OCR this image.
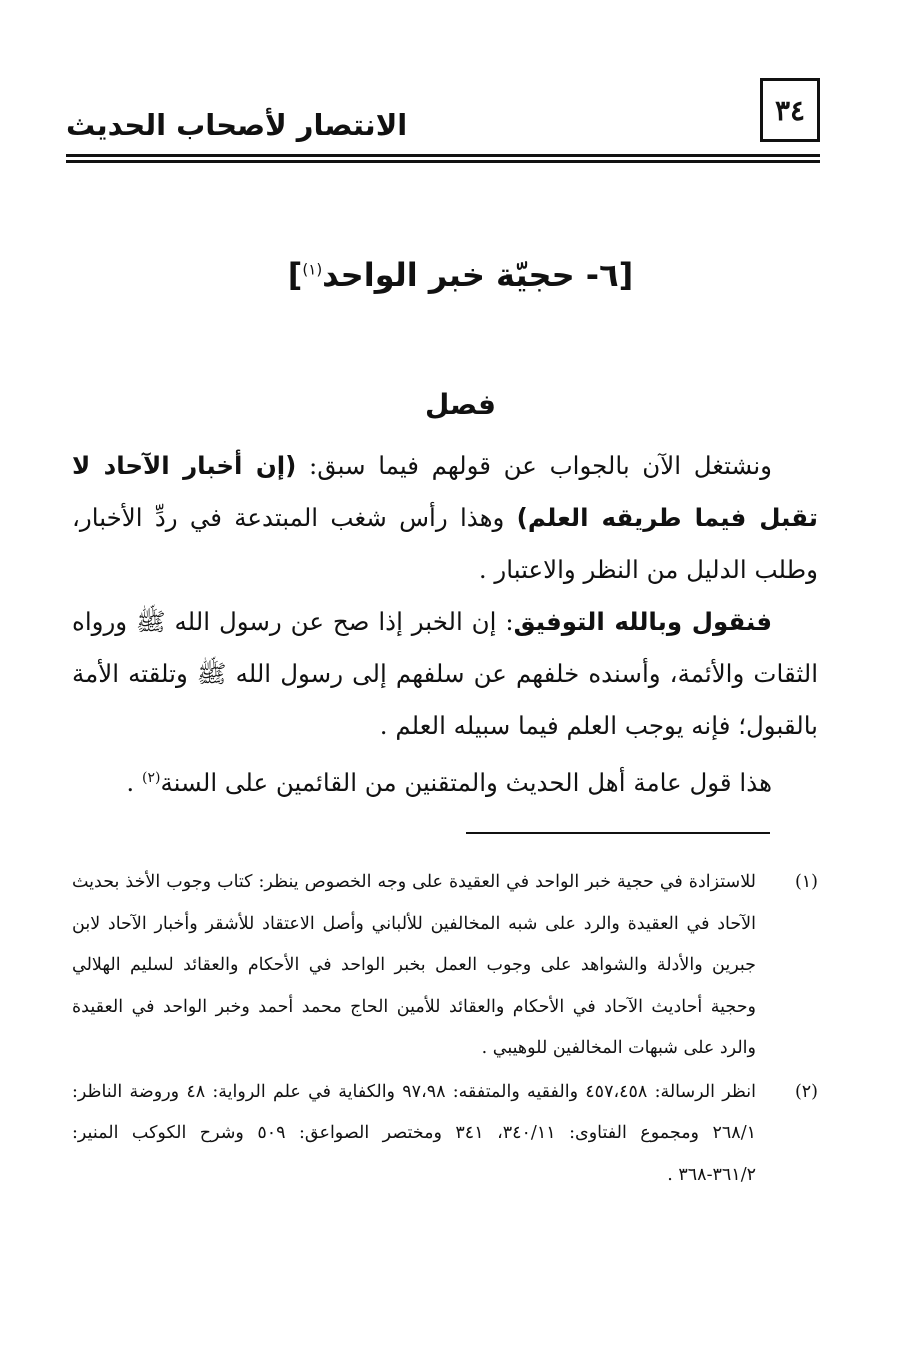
٣٤
الانتصار لأصحاب الحديث
[٦- حجيّة خبر الواحد$^{(١)}$]
فصل

ونشتغل الآن بالجواب عن قولهم فيما سبق: (إن أخبار الآحاد لا تقبل فيما طريقه العلم) وهذا رأس شغب المبتدعة في ردِّ الأخبار، وطلب الدليل من النظر والاعتبار .

فنقول وبالله التوفيق: إن الخبر إذا صح عن رسول الله ﷺ ورواه الثقات والأئمة، وأسنده خلفهم عن سلفهم إلى رسول الله ﷺ وتلقته الأمة بالقبول؛ فإنه يوجب العلم فيما سبيله العلم .

هذا قول عامة أهل الحديث والمتقنين من القائمين على السنة$^{(٢)}$ .

(١)
للاستزادة في حجية خبر الواحد في العقيدة على وجه الخصوص ينظر: كتاب وجوب الأخذ بحديث الآحاد في العقيدة والرد على شبه المخالفين للألباني وأصل الاعتقاد للأشقر وأخبار الآحاد لابن جبرين والأدلة والشواهد على وجوب العمل بخبر الواحد في الأحكام والعقائد لسليم الهلالي وحجية أحاديث الآحاد في الأحكام والعقائد للأمين الحاج محمد أحمد وخبر الواحد في العقيدة والرد على شبهات المخالفين للوهيبي .
(٢)
انظر الرسالة: ٤٥٧،٤٥٨ والفقيه والمتفقه: ٩٧،٩٨ والكفاية في علم الرواية: ٤٨ وروضة الناظر: ٢٦٨/١ ومجموع الفتاوى: ٣٤٠/١١، ٣٤١ ومختصر الصواعق: ٥٠٩ وشرح الكوكب المنير: ٣٦١/٢-٣٦٨ .
